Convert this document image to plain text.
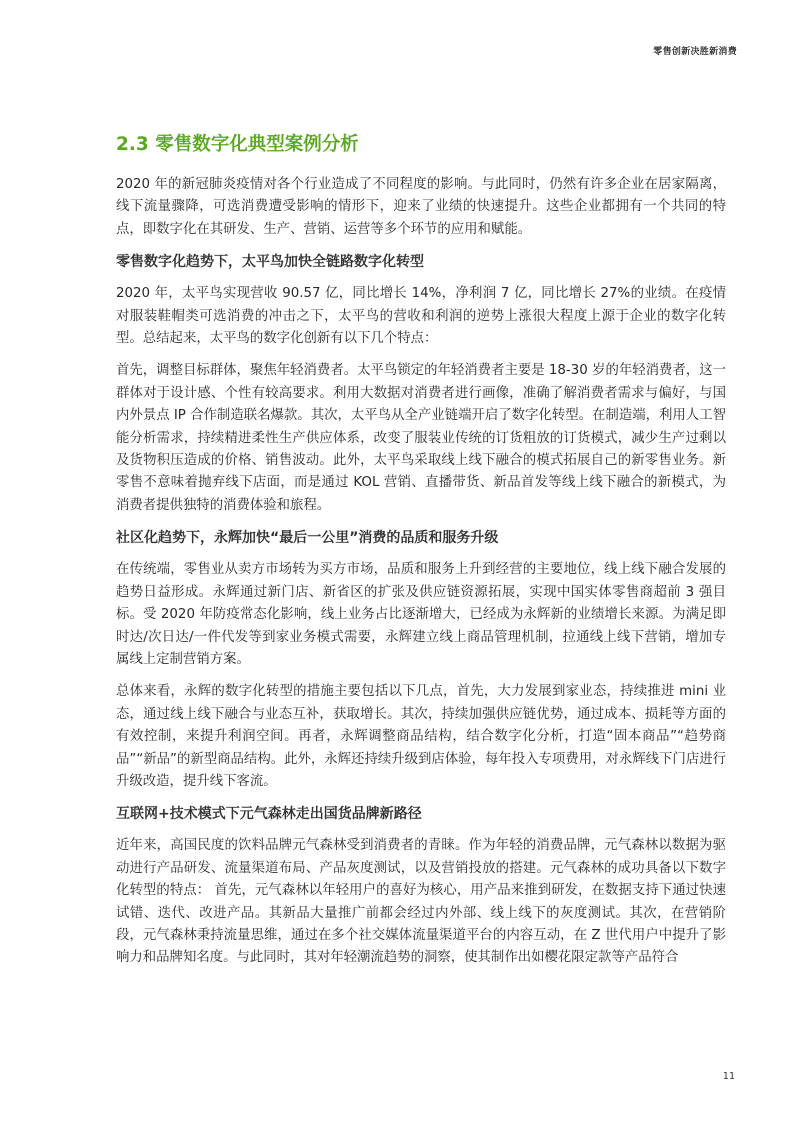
零售创新决胜新消费
2.3 零售数字化典型案例分析

2020 年的新冠肺炎疫情对各个行业造成了不同程度的影响。与此同时，仍然有许多企业在居家隔离，线下流量骤降，可选消费遭受影响的情形下，迎来了业绩的快速提升。这些企业都拥有一个共同的特点，即数字化在其研发、生产、营销、运营等多个环节的应用和赋能。

零售数字化趋势下，太平鸟加快全链路数字化转型

2020 年，太平鸟实现营收 90.57 亿，同比增长 14%，净利润 7 亿，同比增长 27%的业绩。在疫情对服装鞋帽类可选消费的冲击之下，太平鸟的营收和利润的逆势上涨很大程度上源于企业的数字化转型。总结起来，太平鸟的数字化创新有以下几个特点：

首先，调整目标群体，聚焦年轻消费者。太平鸟锁定的年轻消费者主要是 18-30 岁的年轻消费者，这一群体对于设计感、个性有较高要求。利用大数据对消费者进行画像，准确了解消费者需求与偏好，与国内外景点 IP 合作制造联名爆款。其次，太平鸟从全产业链端开启了数字化转型。在制造端，利用人工智能分析需求，持续精进柔性生产供应体系，改变了服装业传统的订货粗放的订货模式，减少生产过剩以及货物积压造成的价格、销售波动。此外，太平鸟采取线上线下融合的模式拓展自己的新零售业务。新零售不意味着抛弃线下店面，而是通过 KOL 营销、直播带货、新品首发等线上线下融合的新模式，为消费者提供独特的消费体验和旅程。

社区化趋势下，永辉加快“最后一公里”消费的品质和服务升级

在传统端，零售业从卖方市场转为买方市场，品质和服务上升到经营的主要地位，线上线下融合发展的趋势日益形成。永辉通过新门店、新省区的扩张及供应链资源拓展，实现中国实体零售商超前 3 强目标。受 2020 年防疫常态化影响，线上业务占比逐渐增大，已经成为永辉新的业绩增长来源。为满足即时达/次日达/一件代发等到家业务模式需要，永辉建立线上商品管理机制，拉通线上线下营销，增加专属线上定制营销方案。

总体来看，永辉的数字化转型的措施主要包括以下几点，首先，大力发展到家业态，持续推进 mini 业态，通过线上线下融合与业态互补，获取增长。其次，持续加强供应链优势，通过成本、损耗等方面的有效控制，来提升利润空间。再者，永辉调整商品结构，结合数字化分析，打造“固本商品”“趋势商品”“新品”的新型商品结构。此外，永辉还持续升级到店体验，每年投入专项费用，对永辉线下门店进行升级改造，提升线下客流。

互联网+技术模式下元气森林走出国货品牌新路径

近年来，高国民度的饮料品牌元气森林受到消费者的青睐。作为年轻的消费品牌，元气森林以数据为驱动进行产品研发、流量渠道布局、产品灰度测试，以及营销投放的搭建。元气森林的成功具备以下数字化转型的特点： 首先，元气森林以年轻用户的喜好为核心，用产品来推到研发，在数据支持下通过快速试错、迭代、改进产品。其新品大量推广前都会经过内外部、线上线下的灰度测试。其次，在营销阶段，元气森林秉持流量思维，通过在多个社交媒体流量渠道平台的内容互动，在 Z 世代用户中提升了影响力和品牌知名度。与此同时，其对年轻潮流趋势的洞察，使其制作出如樱花限定款等产品符合

11
